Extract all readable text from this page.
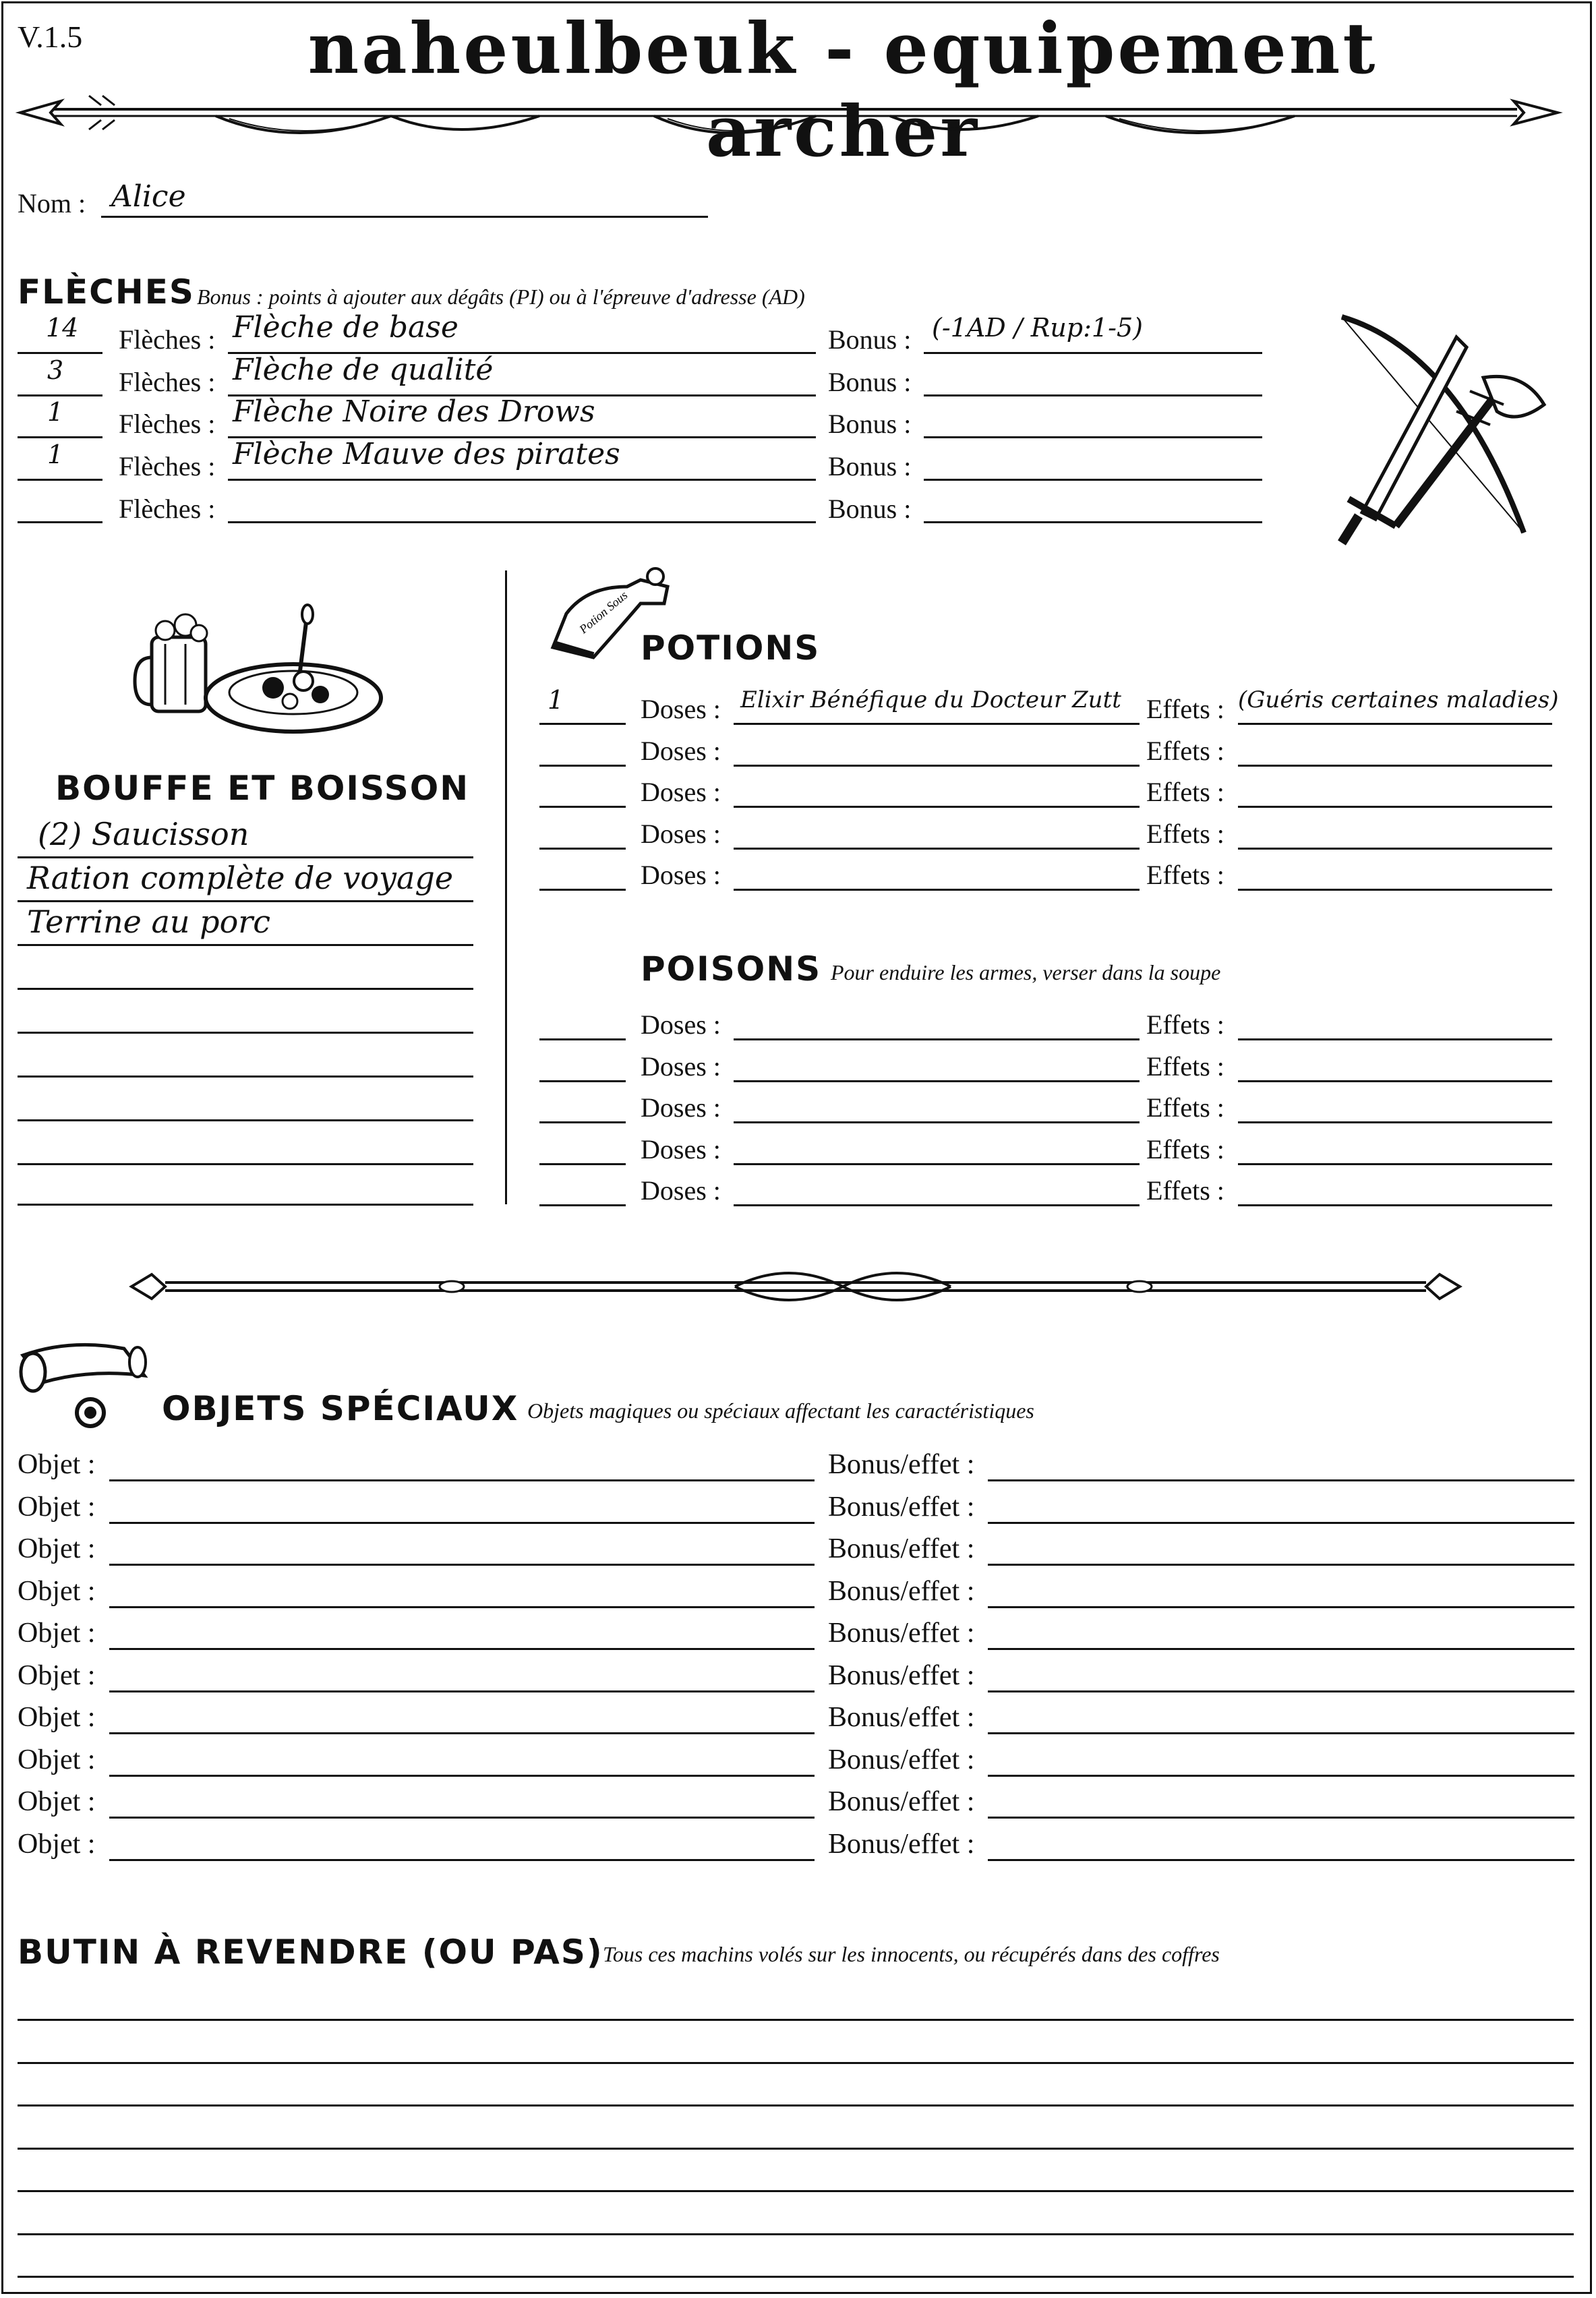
V.1.5	naheulbeuk - equipement archer
Nom : Alice
FLÈCHES Bonus : points à ajouter aux dégâts (PI) ou à l'épreuve d'adresse (AD)
14 Flèches : Flèche de base	Bonus : (-1AD / Rup:1-5)
3 Flèches : Flèche de qualité	Bonus :
1 Flèches : Flèche Noire des Drows	Bonus :
1 Flèches : Flèche Mauve des pirates	Bonus :
Flèches :	Bonus :
BOUFFE ET BOISSON
(2) Saucisson
Ration complète de voyage
Terrine au porc
Potion Sous
POTIONS
1	Doses : Elixir Bénéfique du Docteur Zutt Effets : (Guéris certaines maladies)
Doses :	Effets :
Doses :	Effets :
Doses :	Effets :
Doses :	Effets :
POISONS Pour enduire les armes, verser dans la soupe
Doses :	Effets :
Doses :	Effets :
Doses :	Effets :
Doses :	Effets :
Doses :	Effets :
OBJETS SPÉCIAUX Objets magiques ou spéciaux affectant les caractéristiques
Objet :	Bonus/effet :
Objet :	Bonus/effet :
Objet :	Bonus/effet :
Objet :	Bonus/effet :
Objet :	Bonus/effet :
Objet :	Bonus/effet :
Objet :	Bonus/effet :
Objet :	Bonus/effet :
Objet :	Bonus/effet :
Objet :	Bonus/effet :
BUTIN À REVENDRE (OU PAS) Tous ces machins volés sur les innocents, ou récupérés dans des coffres
